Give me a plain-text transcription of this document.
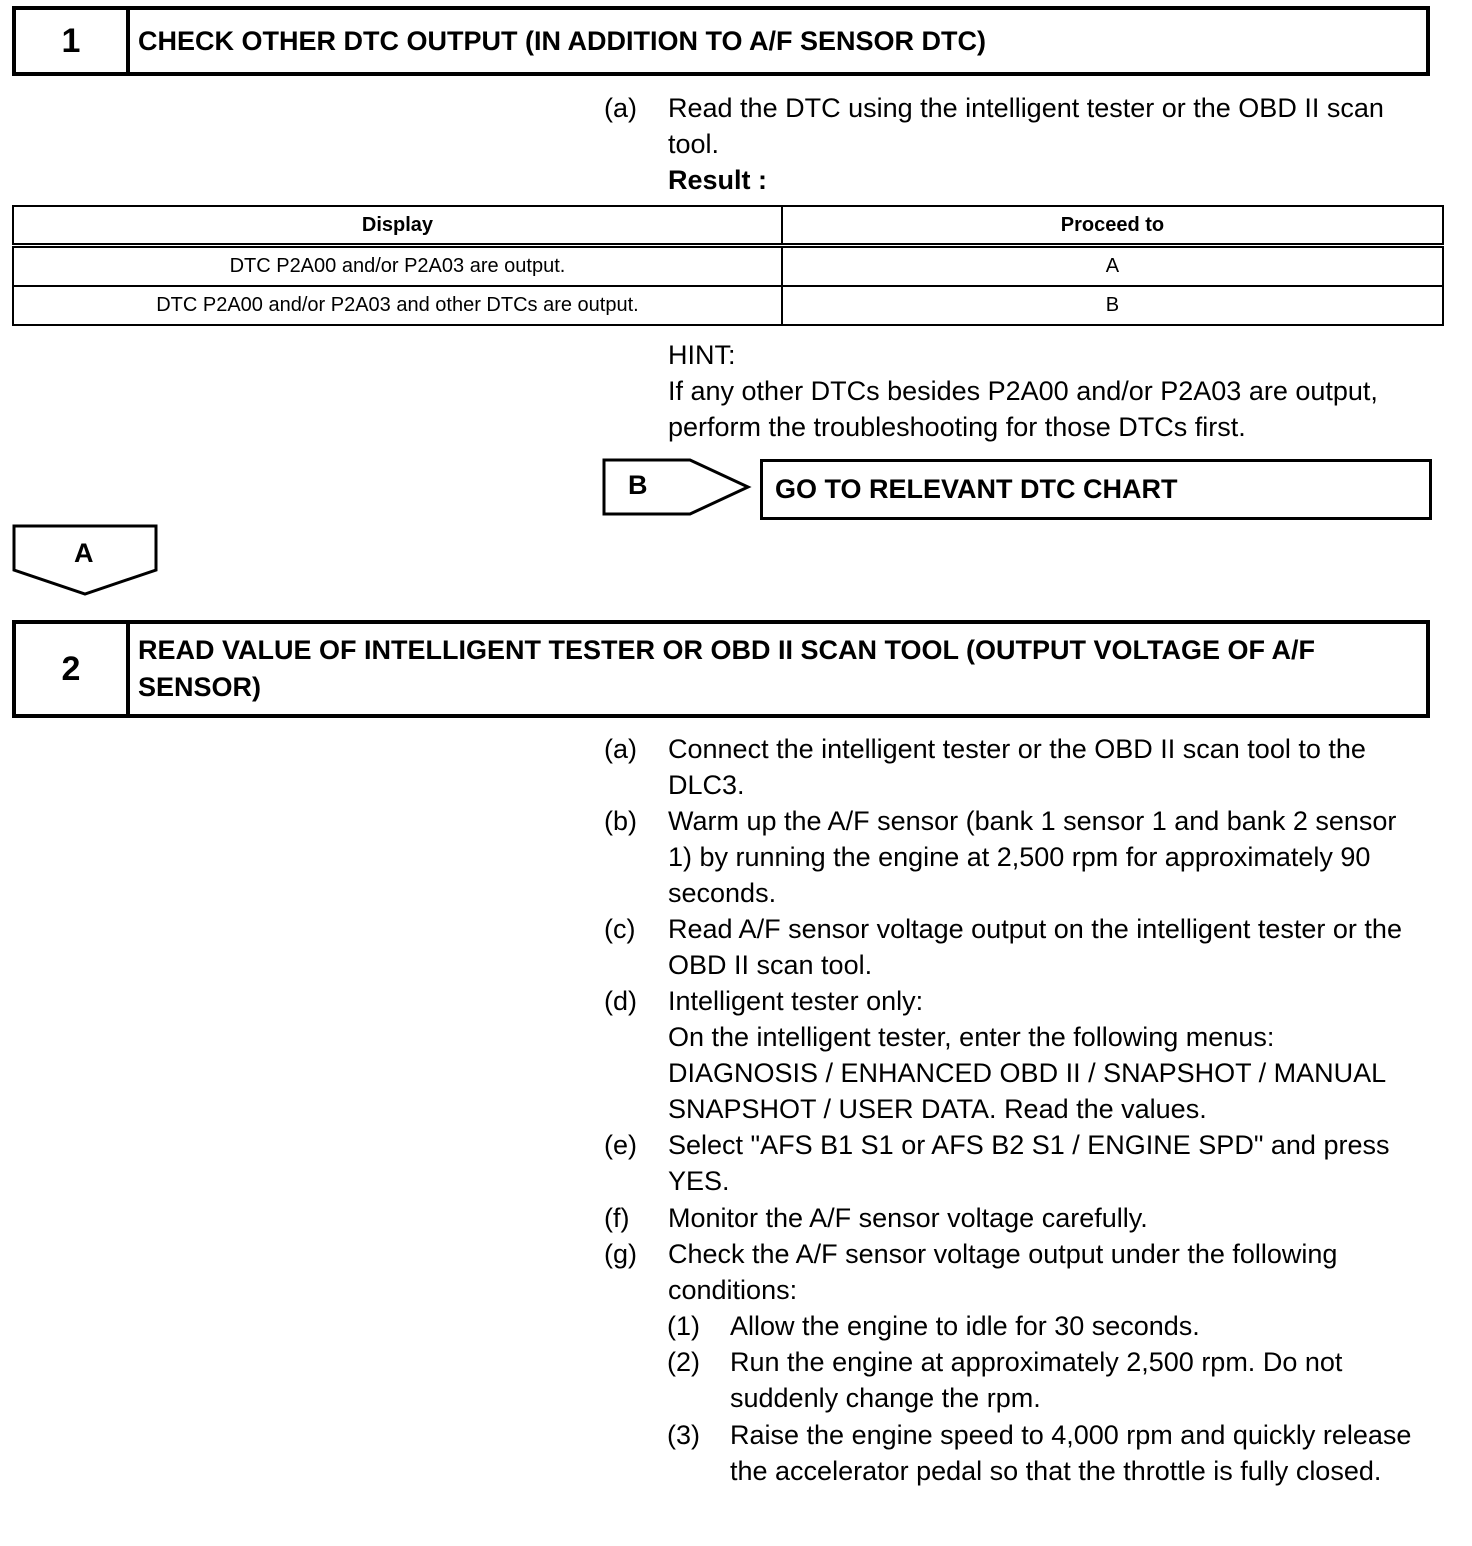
1	CHECK OTHER DTC OUTPUT (IN ADDITION TO A/F SENSOR DTC)
(a)	Read the DTC using the intelligent tester or the OBD II scan tool.
Result :
Display	Proceed to
DTC P2A00 and/or P2A03 are output.	A
DTC P2A00 and/or P2A03 and other DTCs are output.	B
HINT:
If any other DTCs besides P2A00 and/or P2A03 are output, perform the troubleshooting for those DTCs first.
B	GO TO RELEVANT DTC CHART
A
2	READ VALUE OF INTELLIGENT TESTER OR OBD II SCAN TOOL (OUTPUT VOLTAGE OF A/F SENSOR)
(a)	Connect the intelligent tester or the OBD II scan tool to the DLC3.
(b)	Warm up the A/F sensor (bank 1 sensor 1 and bank 2 sensor 1) by running the engine at 2,500 rpm for approximately 90 seconds.
(c)	Read A/F sensor voltage output on the intelligent tester or the OBD II scan tool.
(d)	Intelligent tester only:
On the intelligent tester, enter the following menus: DIAGNOSIS / ENHANCED OBD II / SNAPSHOT / MANUAL SNAPSHOT / USER DATA. Read the values.
(e)	Select "AFS B1 S1 or AFS B2 S1 / ENGINE SPD" and press YES.
(f)	Monitor the A/F sensor voltage carefully.
(g)	Check the A/F sensor voltage output under the following conditions:
(1)	Allow the engine to idle for 30 seconds.
(2)	Run the engine at approximately 2,500 rpm. Do not suddenly change the rpm.
(3)	Raise the engine speed to 4,000 rpm and quickly release the accelerator pedal so that the throttle is fully closed.
